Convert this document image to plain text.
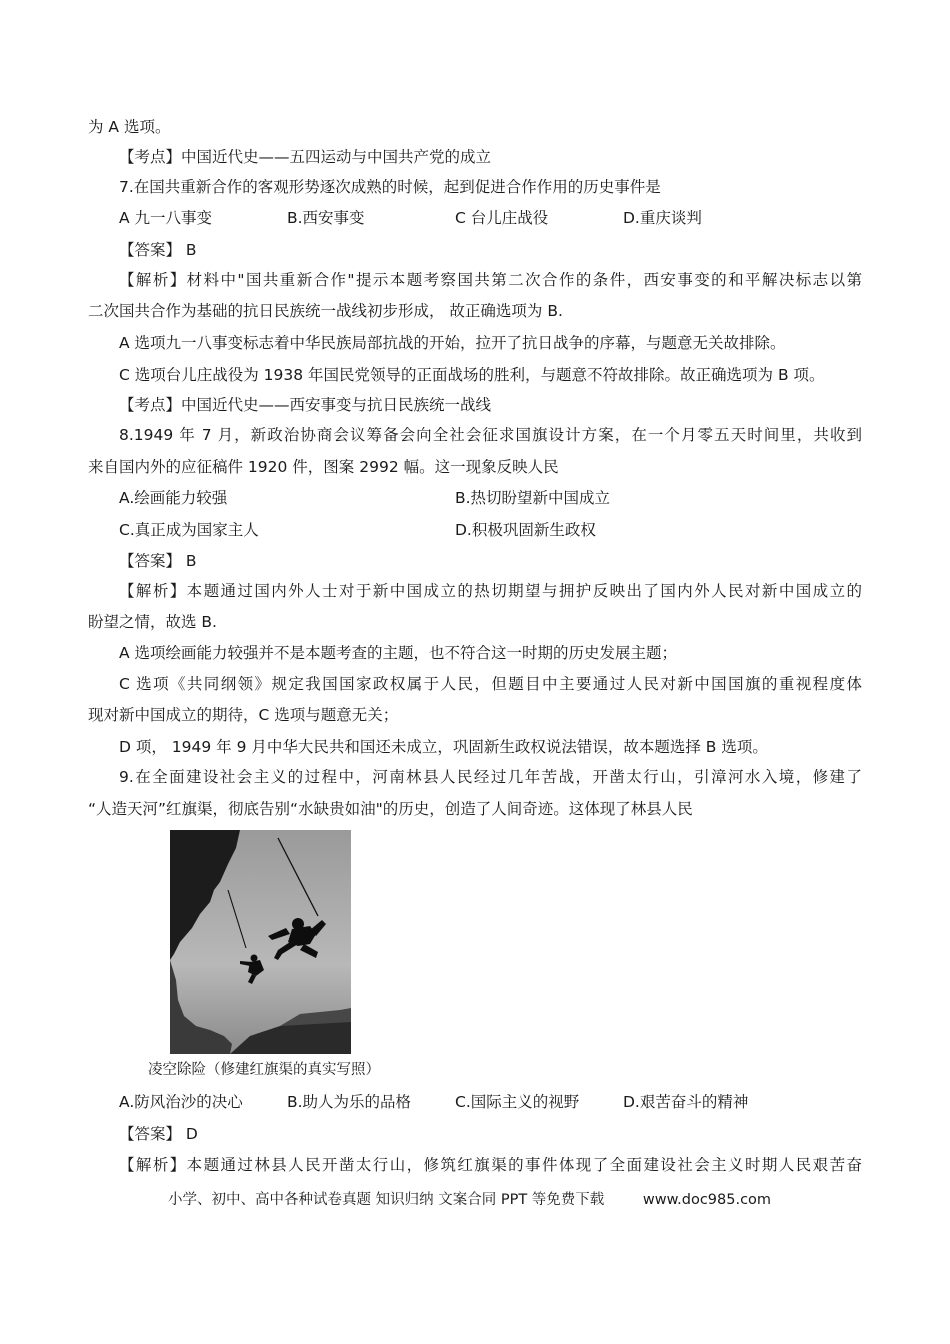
为 A 选项。
【考点】中国近代史——五四运动与中国共产党的成立
7.在国共重新合作的客观形势逐次成熟的时候，起到促进合作作用的历史事件是
A 九一八事变	B.西安事变	C 台儿庄战役	D.重庆谈判
【答案】 B
【解析】材料中"国共重新合作"提示本题考察国共第二次合作的条件，西安事变的和平解决标志以第
二次国共合作为基础的抗日民族统一战线初步形成， 故正确选项为 B.
A 选项九一八事变标志着中华民族局部抗战的开始，拉开了抗日战争的序幕，与题意无关故排除。
C 选项台儿庄战役为 1938 年国民党领导的正面战场的胜利，与题意不符故排除。故正确选项为 B 项。
【考点】中国近代史——西安事变与抗日民族统一战线
8.1949 年 7 月，新政治协商会议筹备会向全社会征求国旗设计方案，在一个月零五天时间里，共收到
来自国内外的应征稿件 1920 件，图案 2992 幅。这一现象反映人民
A.绘画能力较强	B.热切盼望新中国成立
C.真正成为国家主人	D.积极巩固新生政权
【答案】 B
【解析】本题通过国内外人士对于新中国成立的热切期望与拥护反映出了国内外人民对新中国成立的
盼望之情，故选 B.
A 选项绘画能力较强并不是本题考查的主题，也不符合这一时期的历史发展主题；
C 选项《共同纲领》规定我国国家政权属于人民，但题目中主要通过人民对新中国国旗的重视程度体
现对新中国成立的期待，C 选项与题意无关；
D 项， 1949 年 9 月中华大民共和国还未成立，巩固新生政权说法错误，故本题选择 B 选项。
9.在全面建设社会主义的过程中，河南林县人民经过几年苦战，开凿太行山，引漳河水入境，修建了
“人造天河”红旗渠，彻底告别“水缺贵如油"的历史，创造了人间奇迹。这体现了林县人民
凌空除险（修建红旗渠的真实写照）
A.防风治沙的决心	B.助人为乐的品格	C.国际主义的视野	D.艰苦奋斗的精神
【答案】 D
【解析】本题通过林县人民开凿太行山，修筑红旗渠的事件体现了全面建设社会主义时期人民艰苦奋
小学、初中、高中各种试卷真题 知识归纳 文案合同 PPT 等免费下载	www.doc985.com
